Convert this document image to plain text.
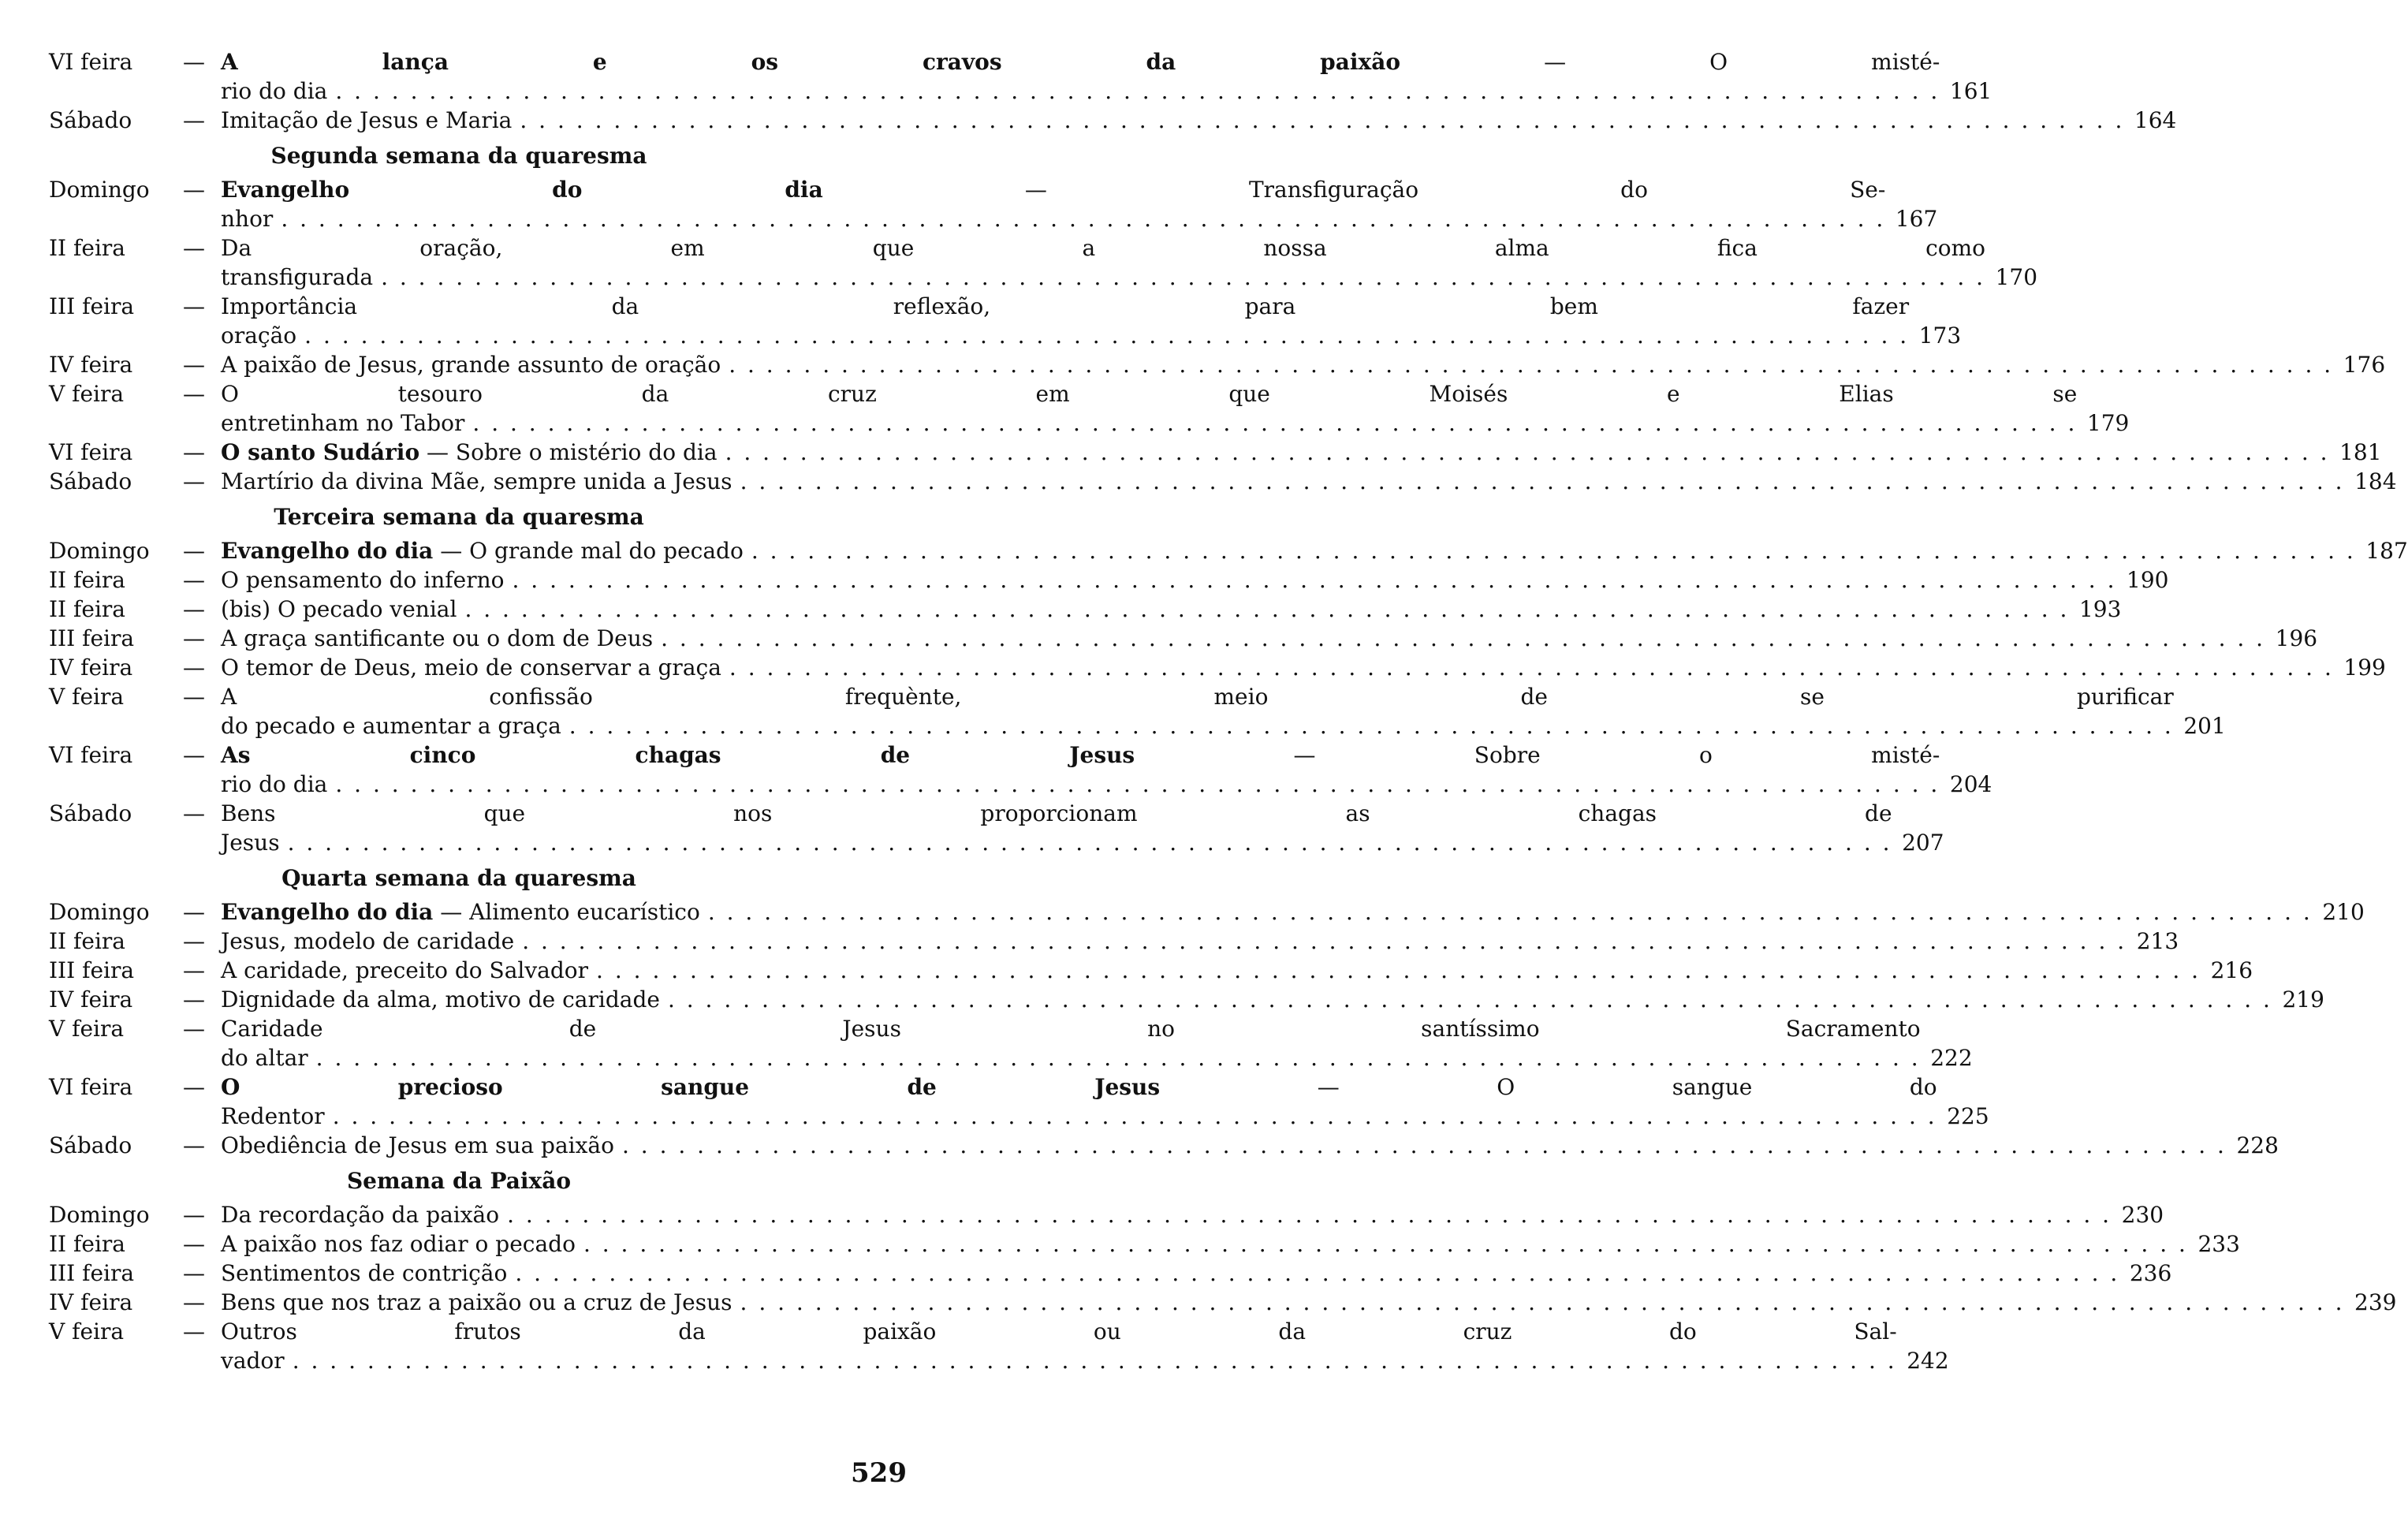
VI feira	— A lança e os cravos da paixão	— O misté-
rio do dia . . .	161
Sábado	— Imitação de Jesus e Maria . . .	164
Segunda semana da quaresma
Domingo	— Evangelho do dia	— Transfiguração do Se-
nhor . . .	167
II feira	— Da oração, em que a nossa alma fica como
transfigurada . . .	170
III feira	— Importância da reflexão, para bem fazer
oração . . .	173
IV feira	— A paixão de Jesus, grande assunto de oração . . .	176
V feira	— O tesouro da cruz em que Moisés e Elias se
entretinham no Tabor . . .	179
VI feira	— O santo Sudário — Sobre o mistério do dia . . .	181
Sábado	— Martírio da divina Mãe, sempre unida a Jesus . . .	184
Terceira semana da quaresma
Domingo	— Evangelho do dia — O grande mal do pecado . . .	187
II feira	— O pensamento do inferno . . .	190
II feira	— (bis) O pecado venial . . .	193
III feira	— A graça santificante ou o dom de Deus . . .	196
IV feira	— O temor de Deus, meio de conservar a graça . . .	199
V feira	— A confissão frequènte, meio de se purificar
do pecado e aumentar a graça . . .	201
VI feira	— As cinco chagas de Jesus	— Sobre o misté-
rio do dia . . .	204
Sábado	— Bens que nos proporcionam as chagas de
Jesus . . .	207
Quarta semana da quaresma
Domingo	— Evangelho do dia — Alimento eucarístico . . .	210
II feira	— Jesus, modelo de caridade . . .	213
III feira	— A caridade, preceito do Salvador . . .	216
IV feira	— Dignidade da alma, motivo de caridade . . .	219
V feira	— Caridade de Jesus no santíssimo Sacramento
do altar . . .	222
VI feira	— O precioso sangue de Jesus	— O sangue do
Redentor . . .	225
Sábado	— Obediência de Jesus em sua paixão . . .	228
Semana da Paixão
Domingo	— Da recordação da paixão . . .	230
II feira	— A paixão nos faz odiar o pecado . . .	233
III feira	— Sentimentos de contrição . . .	236
IV feira	— Bens que nos traz a paixão ou a cruz de Jesus . . .	239
V feira	— Outros frutos da paixão ou da cruz do Sal-
vador . . .	242
529
